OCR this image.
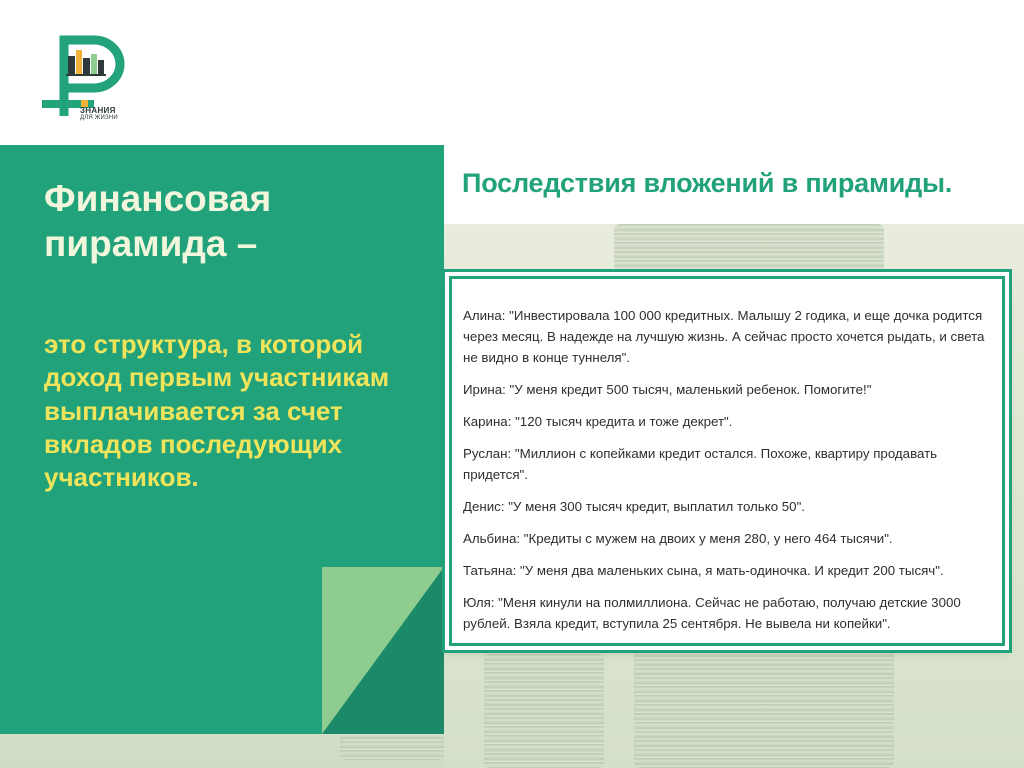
ЗНАНИЯ
ДЛЯ ЖИЗНИ
Финансовая пирамида –

это структура, в которой доход первым участникам выплачивается за счет вкладов последующих участников.

Последствия вложений в пирамиды.

Алина: "Инвестировала 100 000 кредитных. Малышу 2 годика, и еще дочка родится через месяц. В надежде на лучшую жизнь. А сейчас просто хочется рыдать, и света не видно в конце туннеля".

Ирина: "У меня кредит 500 тысяч, маленький ребенок. Помогите!"

Карина: "120 тысяч кредита и тоже декрет".

Руслан: "Миллион с копейками кредит остался. Похоже, квартиру продавать придется".

Денис: "У меня 300 тысяч кредит, выплатил только 50".

Альбина: "Кредиты с мужем на двоих у меня 280, у него 464 тысячи".

Татьяна: "У меня два маленьких сына, я мать-одиночка. И кредит 200 тысяч".

Юля: "Меня кинули на полмиллиона. Сейчас не работаю, получаю детские 3000 рублей. Взяла кредит, вступила 25 сентября. Не вывела ни копейки".
